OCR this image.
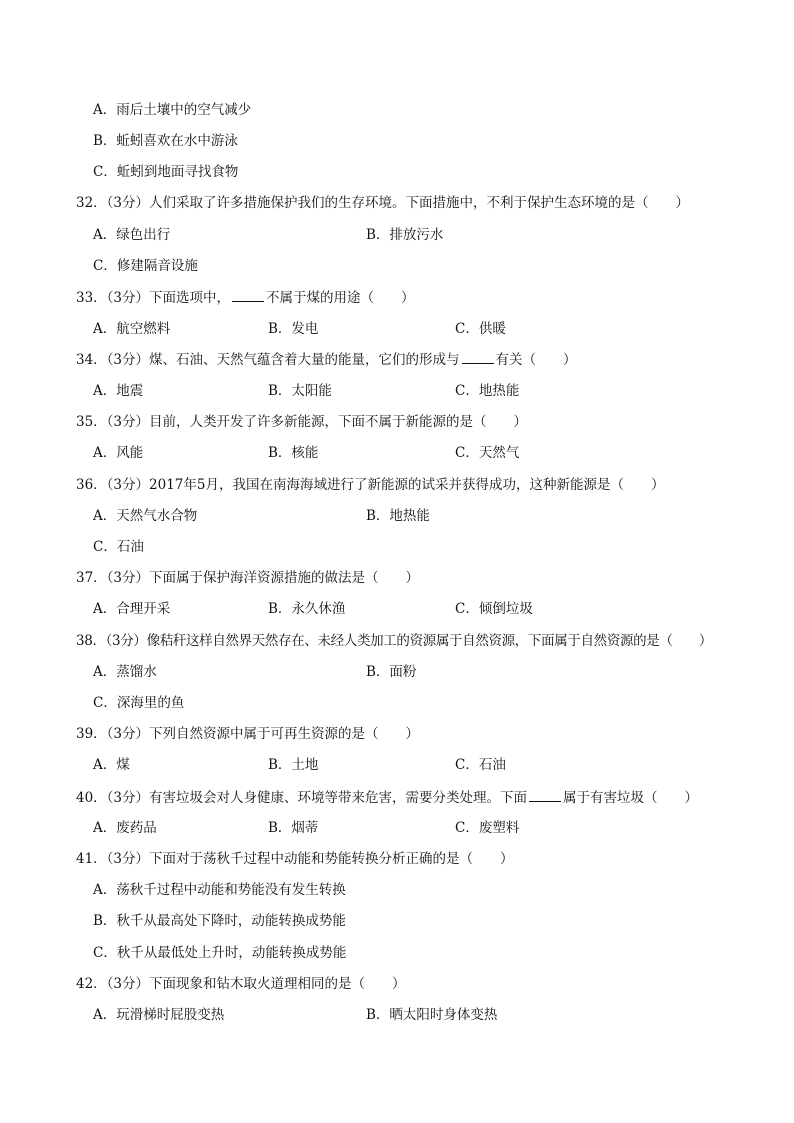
A．雨后土壤中的空气减少
B．蚯蚓喜欢在水中游泳
C．蚯蚓到地面寻找食物
32．（3分）人们采取了许多措施保护我们的生存环境。下面措施中，不利于保护生态环境的是（　　）
A．绿色出行	B．排放污水
C．修建隔音设施
33．（3分）下面选项中，	不属于煤的用途（　　）
A．航空燃料	B．发电	C．供暖
34．（3分）煤、石油、天然气蕴含着大量的能量，它们的形成与	有关（　　）
A．地震	B．太阳能	C．地热能
35．（3分）目前，人类开发了许多新能源，下面不属于新能源的是（　　）
A．风能	B．核能	C．天然气
36．（3分）2017年5月，我国在南海海域进行了新能源的试采并获得成功，这种新能源是（　　）
A．天然气水合物	B．地热能
C．石油
37．（3分）下面属于保护海洋资源措施的做法是（　　）
A．合理开采	B．永久休渔	C．倾倒垃圾
38．（3分）像秸秆这样自然界天然存在、未经人类加工的资源属于自然资源，下面属于自然资源的是（　　）
A．蒸馏水	B．面粉
C．深海里的鱼
39．（3分）下列自然资源中属于可再生资源的是（　　）
A．煤	B．土地	C．石油
40．（3分）有害垃圾会对人身健康、环境等带来危害，需要分类处理。下面	属于有害垃圾（　　）
A．废药品	B．烟蒂	C．废塑料
41．（3分）下面对于荡秋千过程中动能和势能转换分析正确的是（　　）
A．荡秋千过程中动能和势能没有发生转换
B．秋千从最高处下降时，动能转换成势能
C．秋千从最低处上升时，动能转换成势能
42．（3分）下面现象和钻木取火道理相同的是（　　）
A．玩滑梯时屁股变热	B．晒太阳时身体变热
